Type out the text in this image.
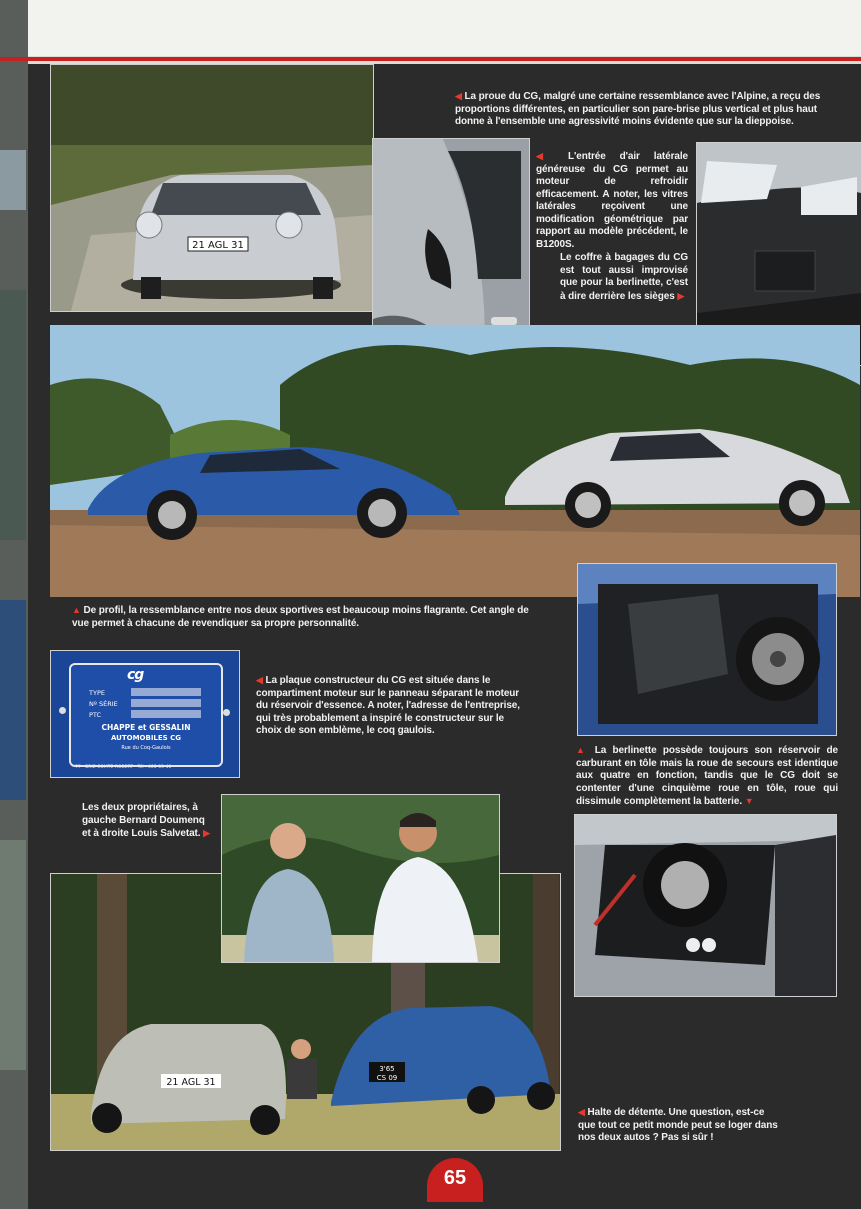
21 AGL 31
cg
TYPE
Nº SÉRIE
PTC
CHAPPE et GESSALIN
AUTOMOBILES CG
Rue du Coq-Gaulois
77 - BRIE-COMTE-ROBERT - Tél : 405-03-41
21 AGL 31
3'65
CS 09

◀ La proue du CG, malgré une certaine ressemblance avec l'Alpine, a reçu des proportions différentes, en particulier son pare-brise plus vertical et plus haut donne à l'ensemble une agressivité moins évidente que sur la dieppoise.

◀ L'entrée d'air latérale généreuse du CG permet au moteur de refroidir efficacement. A noter, les vitres latérales reçoivent une modification géométrique par rapport au modèle précédent, le B1200S.

Le coffre à bagages du CG est tout aussi improvisé que pour la berlinette, c'est à dire derrière les sièges ▶

▲ De profil, la ressemblance entre nos deux sportives est beaucoup moins flagrante. Cet angle de vue permet à chacune de revendiquer sa propre personnalité.

◀ La plaque constructeur du CG est située dans le compartiment moteur sur le panneau séparant le moteur du réservoir d'essence. A noter, l'adresse de l'entreprise, qui très probablement a inspiré le constructeur sur le choix de son emblème, le coq gaulois.

▲ La berlinette possède toujours son réservoir de carburant en tôle mais la roue de secours est identique aux quatre en fonction, tandis que le CG doit se contenter d'une cinquième roue en tôle, roue qui dissimule complètement la batterie. ▼

Les deux propriétaires, à gauche Bernard Doumenq et à droite Louis Salvetat. ▶

◀ Halte de détente. Une question, est-ce que tout ce petit monde peut se loger dans nos deux autos ? Pas si sûr !

65
